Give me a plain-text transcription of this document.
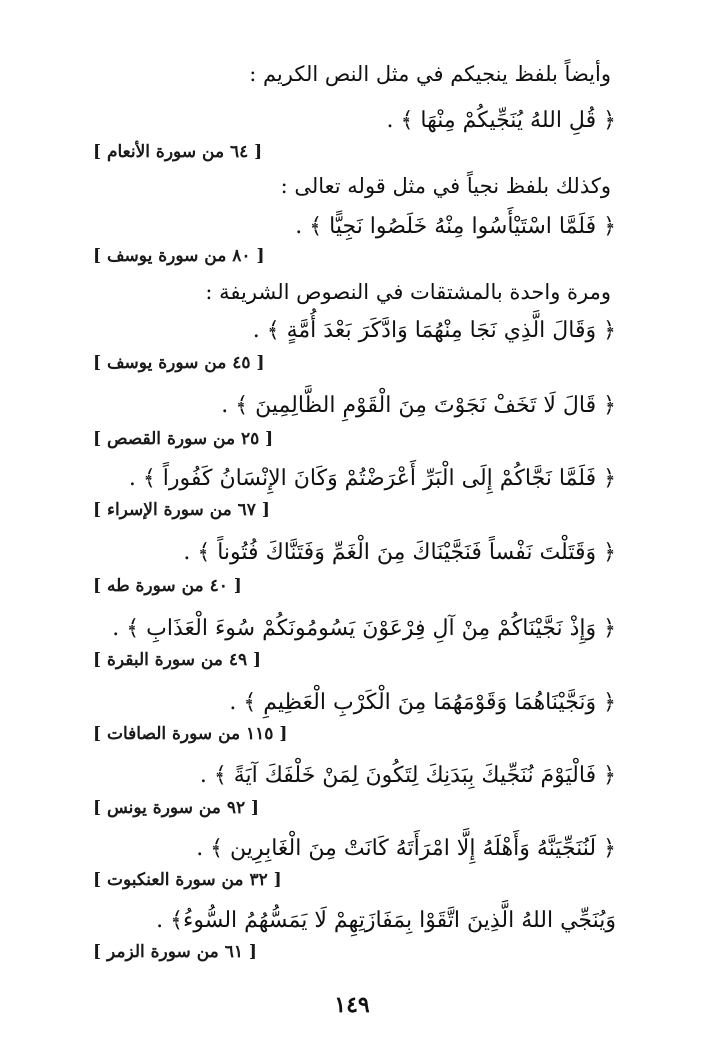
وأيضاً بلفظ ينجيكم في مثل النص الكريم :
﴿ قُلِ اللهُ يُنَجِّيكُمْ مِنْهَا ﴾ .
[ ٦٤ من سورة الأنعام ]
وكذلك بلفظ نجياً في مثل قوله تعالى :
﴿ فَلَمَّا اسْتَيْأَسُوا مِنْهُ خَلَصُوا نَجِيًّا ﴾ .
[ ٨٠ من سورة يوسف ]
ومرة واحدة بالمشتقات في النصوص الشريفة :
﴿ وَقَالَ الَّذِي نَجَا مِنْهُمَا وَادَّكَرَ بَعْدَ أُمَّةٍ ﴾ .
[ ٤٥ من سورة يوسف ]
﴿ قَالَ لَا تَخَفْ نَجَوْتَ مِنَ الْقَوْمِ الظَّالِمِينَ ﴾ .
[ ٢٥ من سورة القصص ]
﴿ فَلَمَّا نَجَّاكُمْ إِلَى الْبَرِّ أَعْرَضْتُمْ وَكَانَ الإِنْسَانُ كَفُوراً ﴾ .
[ ٦٧ من سورة الإسراء ]
﴿ وَقَتَلْتَ نَفْساً فَنَجَّيْنَاكَ مِنَ الْغَمِّ وَفَتَنَّاكَ فُتُوناً ﴾ .
[ ٤٠ من سورة طه ]
﴿ وَإِذْ نَجَّيْنَاكُمْ مِنْ آلِ فِرْعَوْنَ يَسُومُونَكُمْ سُوءَ الْعَذَابِ ﴾ .
[ ٤٩ من سورة البقرة ]
﴿ وَنَجَّيْنَاهُمَا وَقَوْمَهُمَا مِنَ الْكَرْبِ الْعَظِيمِ ﴾ .
[ ١١٥ من سورة الصافات ]
﴿ فَالْيَوْمَ نُنَجِّيكَ بِبَدَنِكَ لِتَكُونَ لِمَنْ خَلْفَكَ آيَةً ﴾ .
[ ٩٢ من سورة يونس ]
﴿ لَنُنَجِّيَنَّهُ وَأَهْلَهُ إِلَّا امْرَأَتَهُ كَانَتْ مِنَ الْغَابِرِين ﴾ .
[ ٣٢ من سورة العنكبوت ]
وَيُنَجِّي اللهُ الَّذِينَ اتَّقَوْا بِمَفَازَتِهِمْ لَا يَمَسُّهُمُ السُّوءُ﴾ .
[ ٦١ من سورة الزمر ]
١٤٩
